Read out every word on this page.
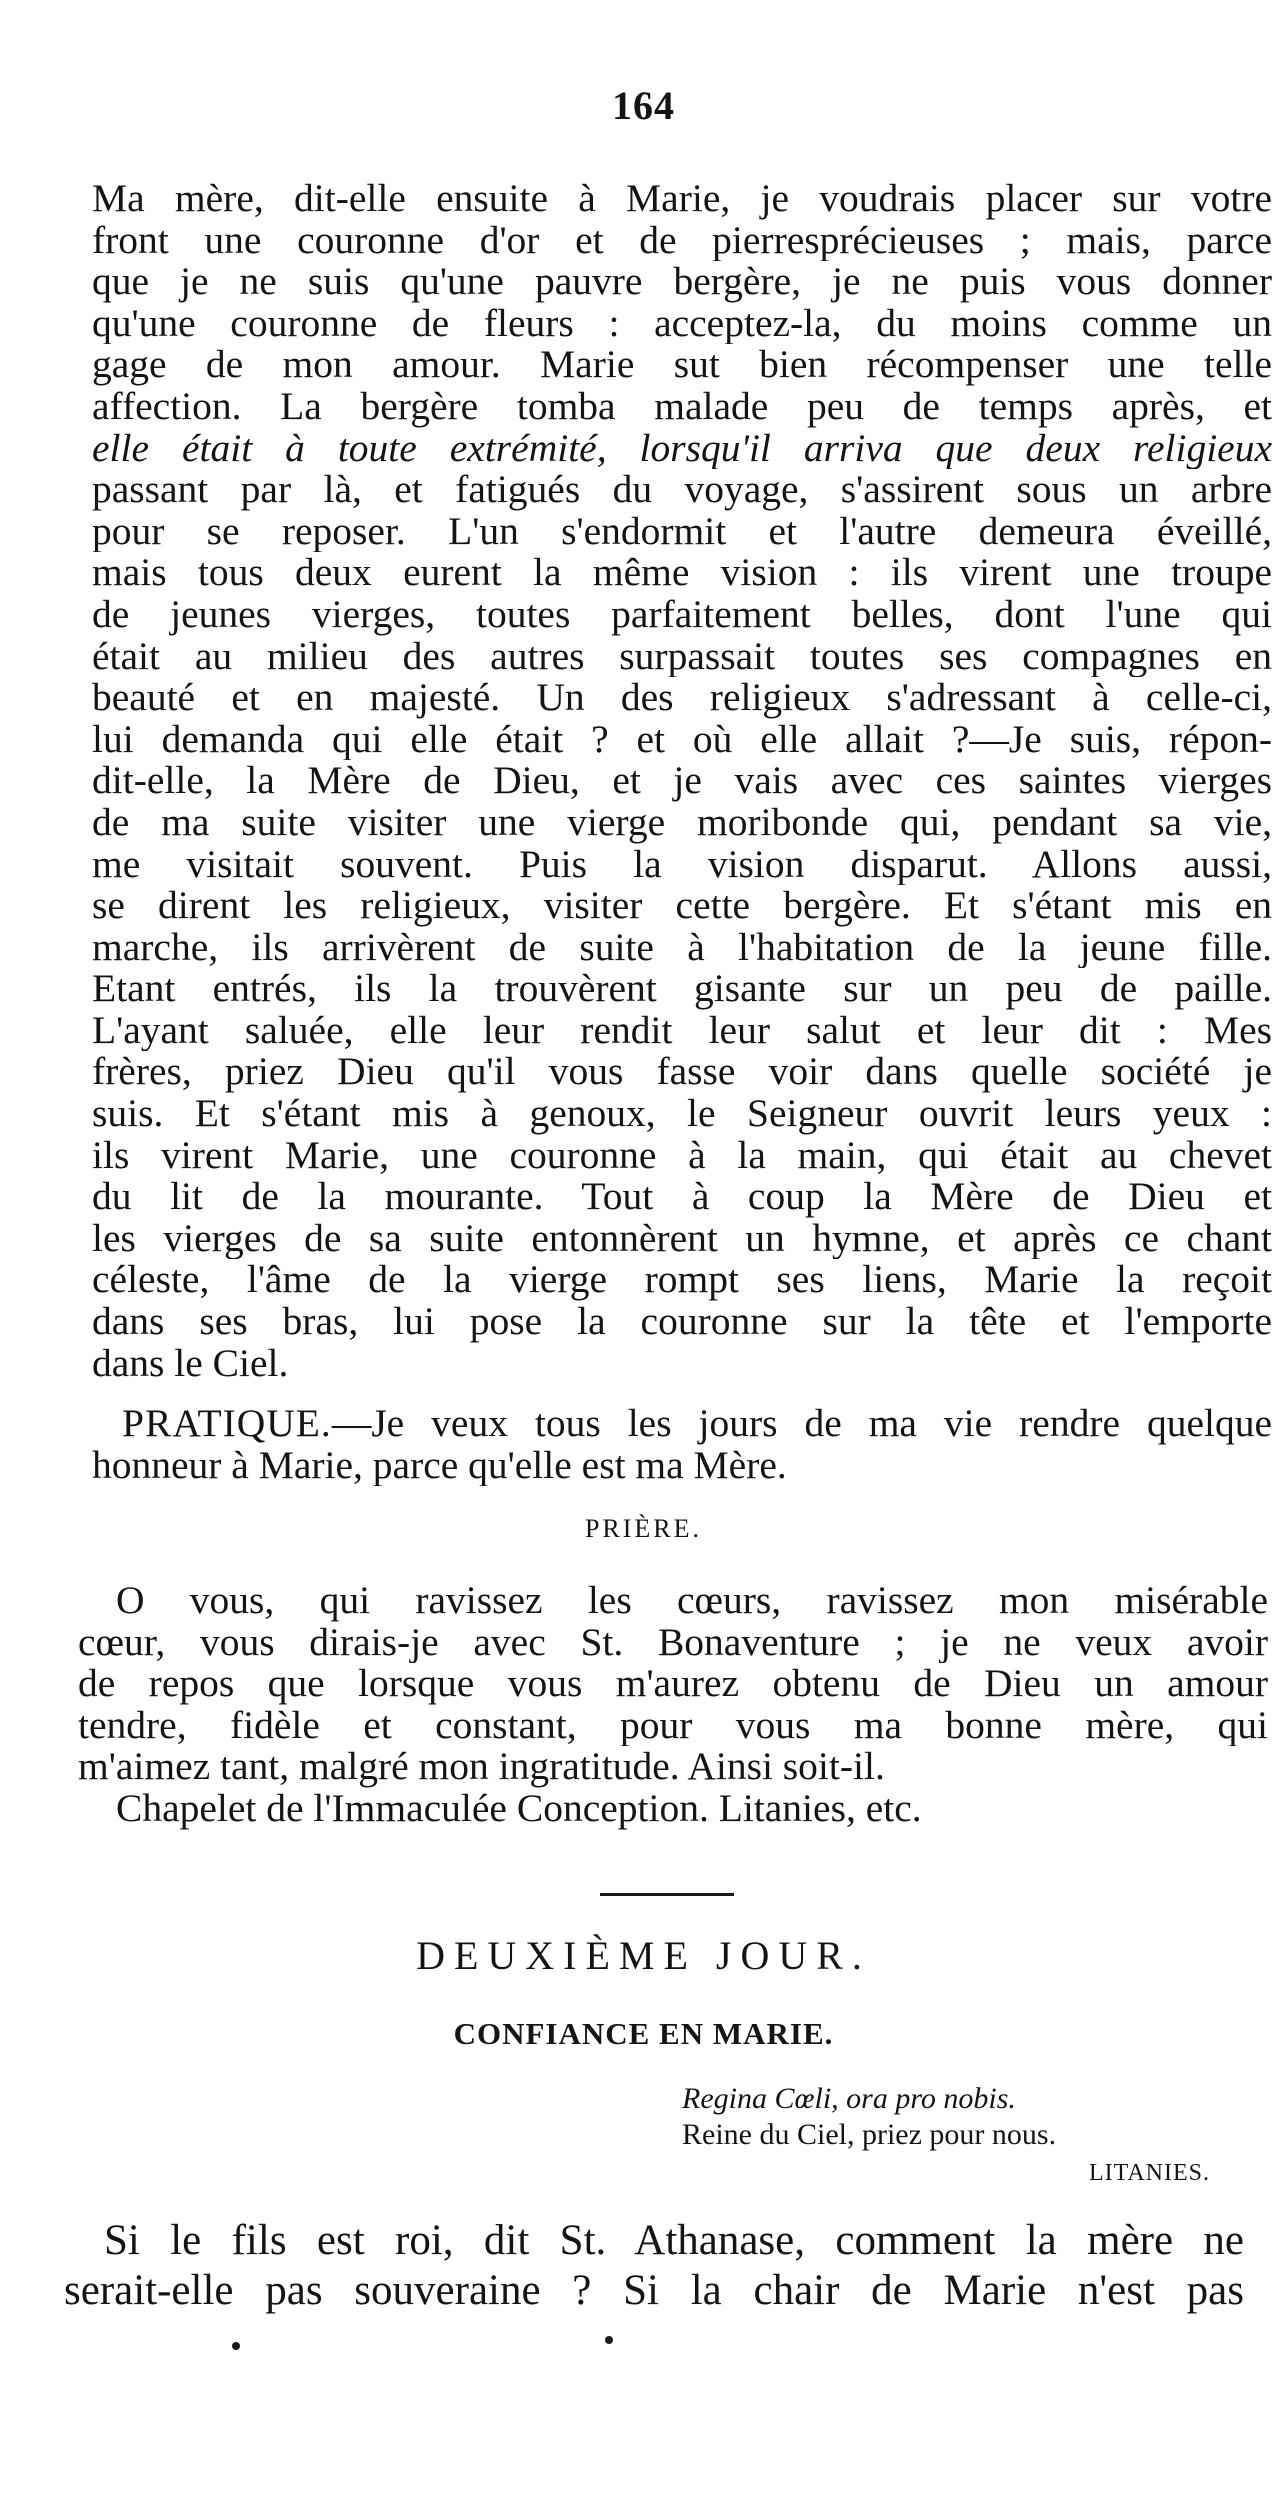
164
Ma mère, dit-elle ensuite à Marie, je voudrais placer sur votre
front une couronne d'or et de pierresprécieuses ; mais, parce
que je ne suis qu'une pauvre bergère, je ne puis vous donner
qu'une couronne de fleurs : acceptez-la, du moins comme un
gage de mon amour. Marie sut bien récompenser une telle
affection. La bergère tomba malade peu de temps après, et
elle était à toute extrémité, lorsqu'il arriva que deux religieux
passant par là, et fatigués du voyage, s'assirent sous un arbre
pour se reposer. L'un s'endormit et l'autre demeura éveillé,
mais tous deux eurent la même vision : ils virent une troupe
de jeunes vierges, toutes parfaitement belles, dont l'une qui
était au milieu des autres surpassait toutes ses compagnes en
beauté et en majesté. Un des religieux s'adressant à celle-ci,
lui demanda qui elle était ? et où elle allait ?—Je suis, répon-
dit-elle, la Mère de Dieu, et je vais avec ces saintes vierges
de ma suite visiter une vierge moribonde qui, pendant sa vie,
me visitait souvent. Puis la vision disparut. Allons aussi,
se dirent les religieux, visiter cette bergère. Et s'étant mis en
marche, ils arrivèrent de suite à l'habitation de la jeune fille.
Etant entrés, ils la trouvèrent gisante sur un peu de paille.
L'ayant saluée, elle leur rendit leur salut et leur dit : Mes
frères, priez Dieu qu'il vous fasse voir dans quelle société je
suis. Et s'étant mis à genoux, le Seigneur ouvrit leurs yeux :
ils virent Marie, une couronne à la main, qui était au chevet
du lit de la mourante. Tout à coup la Mère de Dieu et
les vierges de sa suite entonnèrent un hymne, et après ce chant
céleste, l'âme de la vierge rompt ses liens, Marie la reçoit
dans ses bras, lui pose la couronne sur la tête et l'emporte
dans le Ciel.
PRATIQUE.—Je veux tous les jours de ma vie rendre quelque
honneur à Marie, parce qu'elle est ma Mère.
PRIÈRE.
O vous, qui ravissez les cœurs, ravissez mon misérable
cœur, vous dirais-je avec St. Bonaventure ; je ne veux avoir
de repos que lorsque vous m'aurez obtenu de Dieu un amour
tendre, fidèle et constant, pour vous ma bonne mère, qui
m'aimez tant, malgré mon ingratitude. Ainsi soit-il.
Chapelet de l'Immaculée Conception. Litanies, etc.
DEUXIÈME JOUR.
CONFIANCE EN MARIE.
Regina Cœli, ora pro nobis.
Reine du Ciel, priez pour nous.
LITANIES.
Si le fils est roi, dit St. Athanase, comment la mère ne
serait-elle pas souveraine ? Si la chair de Marie n'est pas
